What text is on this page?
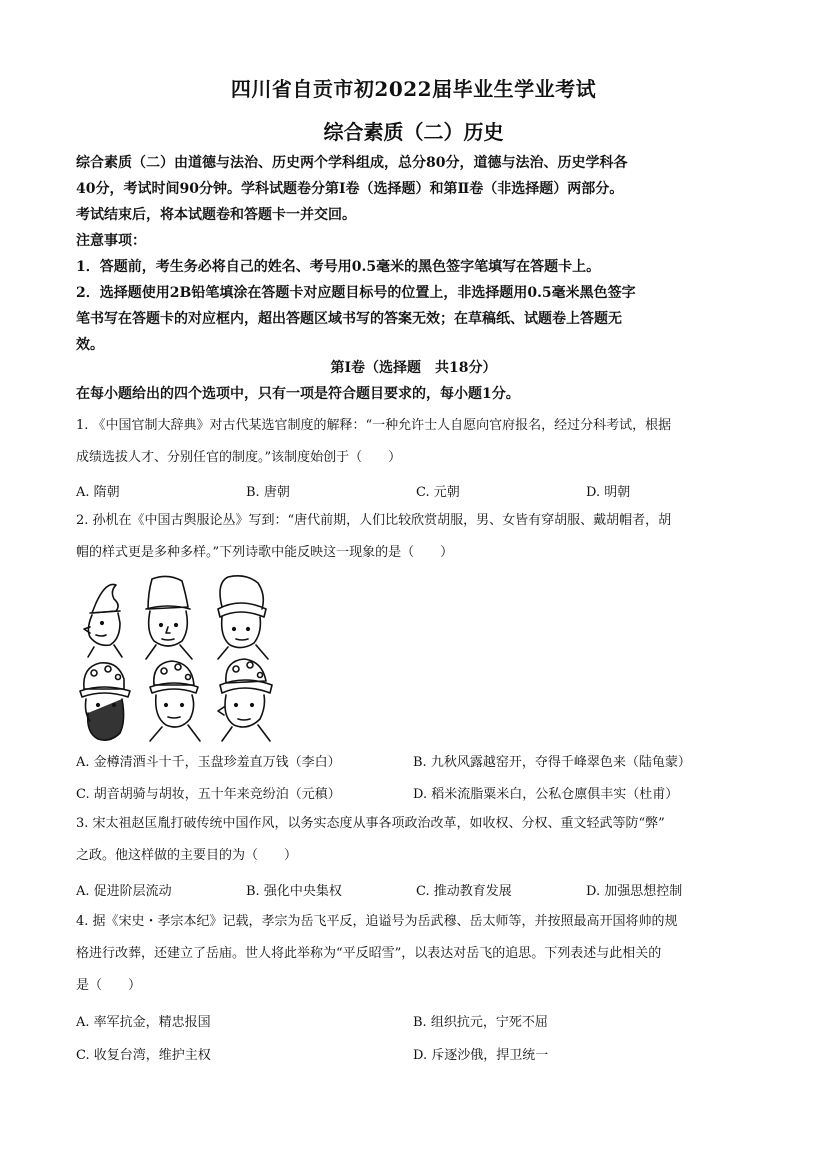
四川省自贡市初2022届毕业生学业考试
综合素质（二）历史

综合素质（二）由道德与法治、历史两个学科组成，总分80分，道德与法治、历史学科各

40分，考试时间90分钟。学科试题卷分第Ⅰ卷（选择题）和第Ⅱ卷（非选择题）两部分。

考试结束后，将本试题卷和答题卡一并交回。

注意事项：

1．答题前，考生务必将自己的姓名、考号用0.5毫米的黑色签字笔填写在答题卡上。

2．选择题使用2B铅笔填涂在答题卡对应题目标号的位置上，非选择题用0.5毫米黑色签字

笔书写在答题卡的对应框内，超出答题区域书写的答案无效；在草稿纸、试题卷上答题无

效。

第Ⅰ卷（选择题　共18分）
在每小题给出的四个选项中，只有一项是符合题目要求的，每小题1分。

1. 《中国官制大辞典》对古代某选官制度的解释：“一种允许士人自愿向官府报名，经过分科考试，根据

成绩选拔人才、分别任官的制度。”该制度始创于（　　）

A. 隋朝	B. 唐朝	C. 元朝	D. 明朝

2. 孙机在《中国古舆服论丛》写到：“唐代前期，人们比较欣赏胡服，男、女皆有穿胡服、戴胡帽者，胡

帽的样式更是多种多样。”下列诗歌中能反映这一现象的是（　　）

A. 金樽清酒斗十千，玉盘珍羞直万钱（李白）	B. 九秋风露越窑开，夺得千峰翠色来（陆龟蒙）
C. 胡音胡骑与胡妆，五十年来竞纷泊（元稹）	D. 稻米流脂粟米白，公私仓廪俱丰实（杜甫）

3. 宋太祖赵匡胤打破传统中国作风，以务实态度从事各项政治改革，如收权、分权、重文轻武等防“弊”

之政。他这样做的主要目的为（　　）

A. 促进阶层流动	B. 强化中央集权	C. 推动教育发展	D. 加强思想控制

4. 据《宋史・孝宗本纪》记载，孝宗为岳飞平反，追谥号为岳武穆、岳太师等，并按照最高开国将帅的规

格进行改葬，还建立了岳庙。世人将此举称为“平反昭雪”，以表达对岳飞的追思。下列表述与此相关的

是（　　）

A. 率军抗金，精忠报国	B. 组织抗元，宁死不屈
C. 收复台湾，维护主权	D. 斥逐沙俄，捍卫统一
